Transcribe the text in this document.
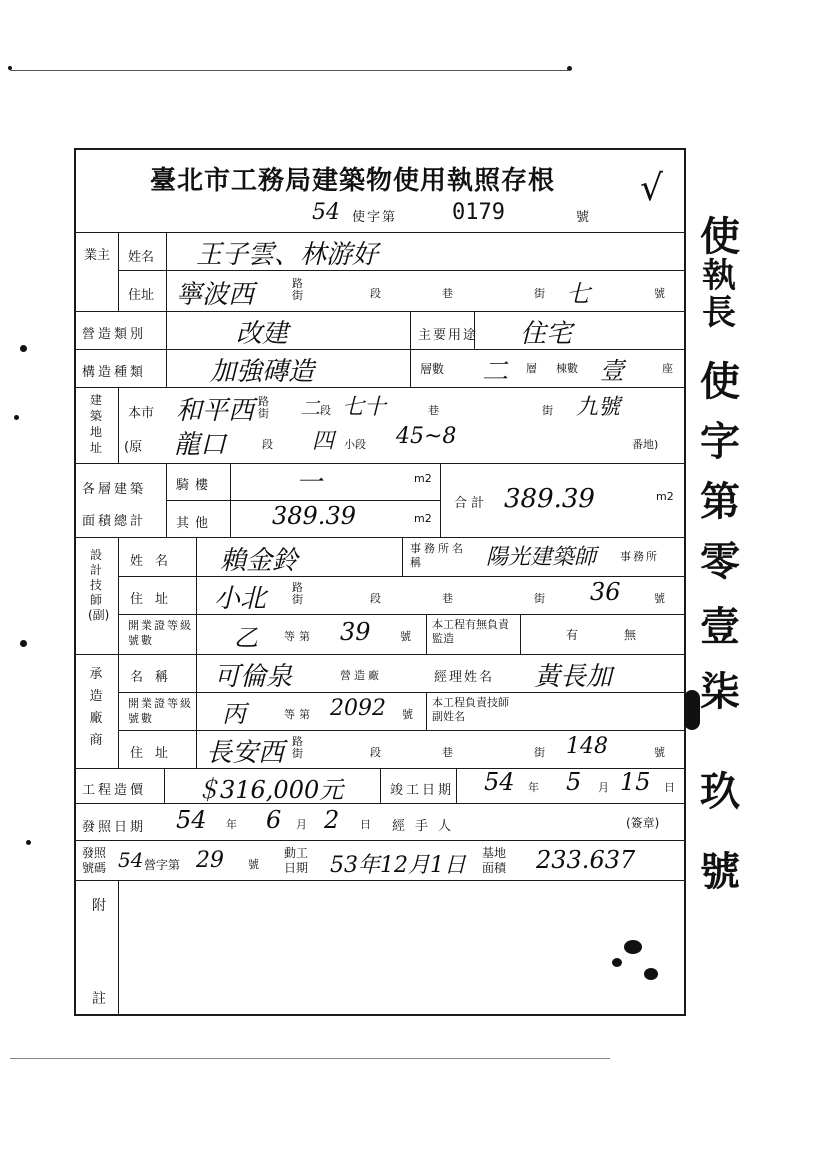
使
執
長
使
字
第
零
壹
柒
玖
號
臺北市工務局建築物使用執照存根 √
54 使字第 0179	號
業主 姓名 王子雲、林游好
住址 寧波西	路街	段	巷	街 七	號
營造類別	改建	主要用途 住宅
構造種類 加強磚造	層數 二 層 棟數 壹	座
建築地址
本市 和平西 路街 二 段 七十	巷	街 九號
(原 龍口	段 四 小段 45~8	番地)
各層建築
面積總計
騎樓	一	m2
其他 389.39	m2
合計 389.39	m2
設計技師(副)
姓名 賴金鈴	事務所名稱	陽光建築師 事務所
住址 小北 路街	段	巷	街 36	號
開業證等級號數	乙 等第 39	號
本工程有無負責監造	有	無
承造廠商
名稱 可倫泉	營造廠	經理姓名 黃長加
開業證等級號數	丙	等第 2092 號
本工程負責技師副姓名
住址 長安西 路街	段	巷	街 148	號
工程造價 ＄316,000元	竣工日期 54 年 5 月 15 日
發照日期 54 年 6 月 2 日 經手人	(簽章)
發照號碼 54 營字第 29 號
動工日期 53年12月1日 基地面積 233.637
附
註
